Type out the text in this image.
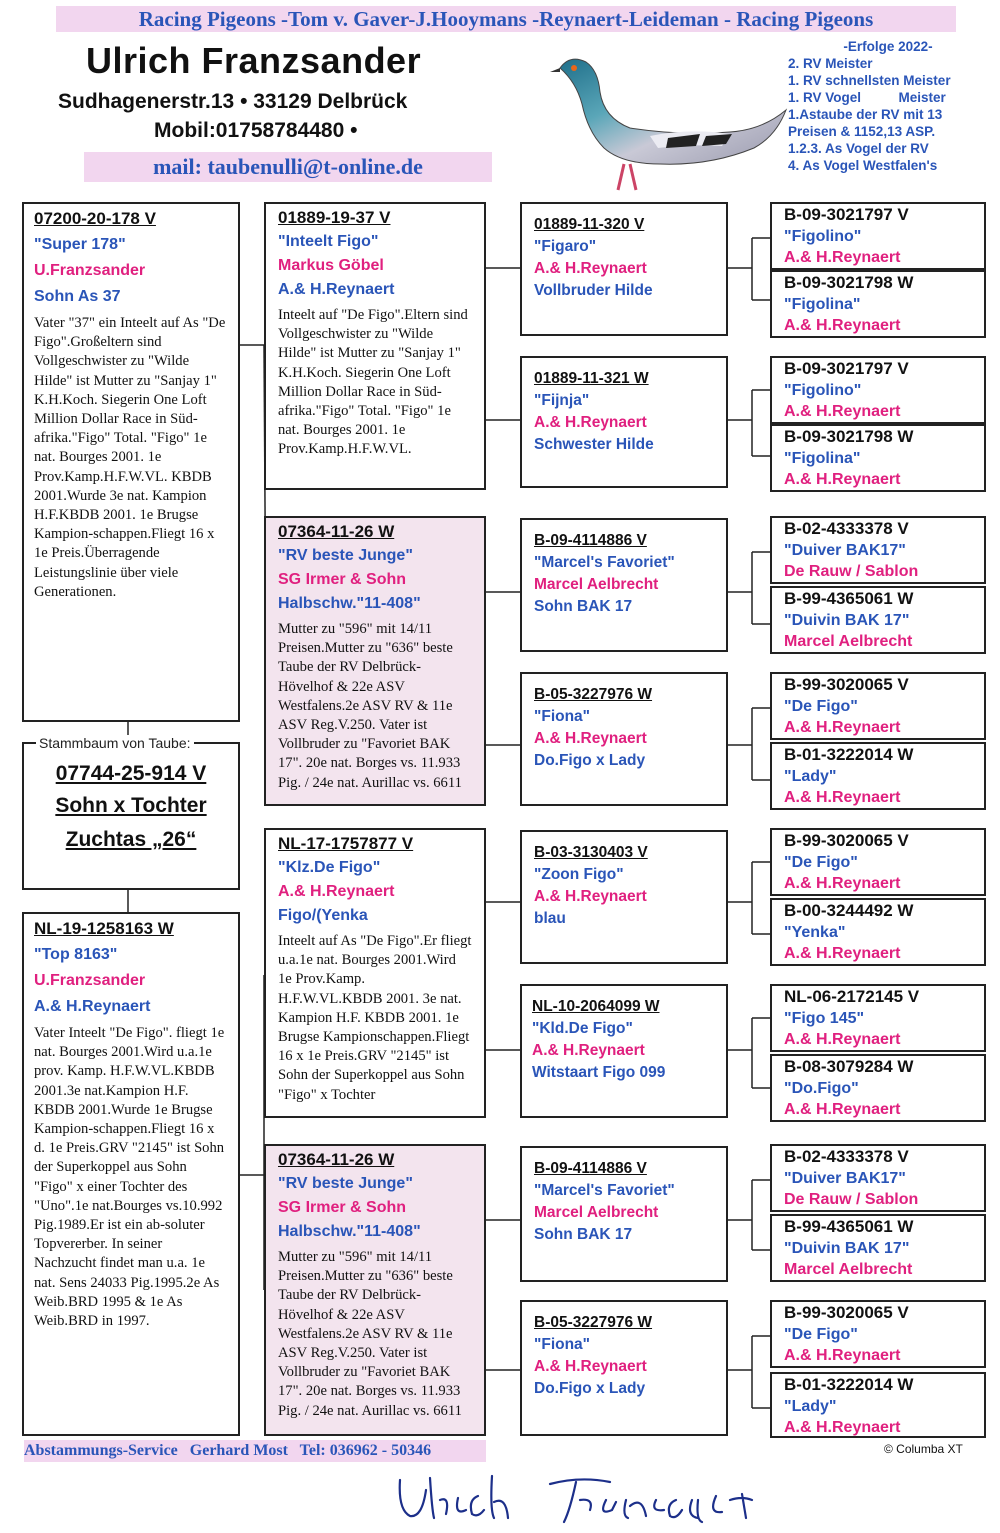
Racing Pigeons -Tom v. Gaver-J.Hooymans -Reynaert-Leideman - Racing Pigeons
Ulrich Franzsander
Sudhagenerstr.13 • 33129 Delbrück
Mobil:01758784480 •
mail: taubenulli@t-online.de
-Erfolge 2022-
2. RV Meister
1. RV schnellsten Meister
1. RV Vogel          Meister
1.Astaube der RV mit 13
Preisen & 1152,13 ASP.
1.2.3. As Vogel der RV
4. As Vogel Westfalen's
07200-20-178 V
"Super 178"
U.Franzsander
Sohn As 37
Vater "37" ein Inteelt auf As "De Figo".Großeltern sind Vollgeschwister zu "Wilde Hilde" ist Mutter zu "Sanjay 1" K.H.Koch. Siegerin One Loft Million Dollar Race in Süd-afrika."Figo" Total. "Figo" 1e nat. Bourges 2001. 1e Prov.Kamp.H.F.W.VL. KBDB 2001.Wurde 3e nat. Kampion H.F.KBDB 2001. 1e Brugse Kampion-schappen.Fliegt 16 x 1e Preis.Überragende Leistungslinie über viele Generationen.
Stammbaum von Taube:
07744-25-914 V
Sohn x Tochter
Zuchtas „26“
NL-19-1258163 W
"Top 8163"
U.Franzsander
A.& H.Reynaert
Vater Inteelt "De Figo". fliegt 1e nat. Bourges 2001.Wird u.a.1e prov. Kamp. H.F.W.VL.KBDB 2001.3e nat.Kampion H.F. KBDB 2001.Wurde 1e Brugse Kampion-schappen.Fliegt 16 x d. 1e Preis.GRV "2145" ist Sohn der Superkoppel aus Sohn "Figo" x einer Tochter des "Uno".1e nat.Bourges vs.10.992 Pig.1989.Er ist ein ab-soluter Topvererber. In seiner Nachzucht findet man u.a. 1e nat. Sens 24033 Pig.1995.2e As Weib.BRD 1995 & 1e As Weib.BRD in 1997.
01889-19-37 V
"Inteelt Figo"
Markus Göbel
A.& H.Reynaert
Inteelt auf "De Figo".Eltern sind Vollgeschwister zu "Wilde Hilde" ist Mutter zu "Sanjay 1" K.H.Koch. Siegerin One Loft Million Dollar Race in Süd-afrika."Figo" Total. "Figo" 1e nat. Bourges 2001. 1e Prov.Kamp.H.F.W.VL.
07364-11-26 W
"RV beste Junge"
SG Irmer & Sohn
Halbschw."11-408"
Mutter zu "596" mit 14/11 Preisen.Mutter zu "636" beste Taube der RV Delbrück-Hövelhof & 22e ASV Westfalens.2e ASV RV & 11e ASV Reg.V.250. Vater ist Vollbruder zu "Favoriet BAK 17". 20e nat. Borges vs. 11.933 Pig. / 24e nat. Aurillac vs. 6611
NL-17-1757877 V
"Klz.De Figo"
A.& H.Reynaert
Figo/(Yenka
Inteelt auf As "De Figo".Er fliegt u.a.1e nat. Bourges 2001.Wird 1e Prov.Kamp. H.F.W.VL.KBDB 2001. 3e nat. Kampion H.F. KBDB 2001. 1e Brugse Kampionschappen.Fliegt 16 x 1e Preis.GRV "2145" ist Sohn der Superkoppel aus Sohn "Figo" x Tochter
07364-11-26 W
"RV beste Junge"
SG Irmer & Sohn
Halbschw."11-408"
Mutter zu "596" mit 14/11 Preisen.Mutter zu "636" beste Taube der RV Delbrück-Hövelhof & 22e ASV Westfalens.2e ASV RV & 11e ASV Reg.V.250. Vater ist Vollbruder zu "Favoriet BAK 17". 20e nat. Borges vs. 11.933 Pig. / 24e nat. Aurillac vs. 6611
01889-11-320 V
"Figaro"
A.& H.Reynaert
Vollbruder Hilde
01889-11-321 W
"Fijnja"
A.& H.Reynaert
Schwester Hilde
B-09-4114886 V
"Marcel's Favoriet"
Marcel Aelbrecht
Sohn BAK 17
B-05-3227976 W
"Fiona"
A.& H.Reynaert
Do.Figo x Lady
B-03-3130403 V
"Zoon Figo"
A.& H.Reynaert
blau
NL-10-2064099 W
"Kld.De Figo"
A.& H.Reynaert
Witstaart Figo 099
B-09-4114886 V
"Marcel's Favoriet"
Marcel Aelbrecht
Sohn BAK 17
B-05-3227976 W
"Fiona"
A.& H.Reynaert
Do.Figo x Lady
B-09-3021797 V
"Figolino"
A.& H.Reynaert
B-09-3021798 W
"Figolina"
A.& H.Reynaert
B-09-3021797 V
"Figolino"
A.& H.Reynaert
B-09-3021798 W
"Figolina"
A.& H.Reynaert
B-02-4333378 V
"Duiver BAK17"
De Rauw / Sablon
B-99-4365061 W
"Duivin BAK 17"
Marcel Aelbrecht
B-99-3020065 V
"De Figo"
A.& H.Reynaert
B-01-3222014 W
"Lady"
A.& H.Reynaert
B-99-3020065 V
"De Figo"
A.& H.Reynaert
B-00-3244492 W
"Yenka"
A.& H.Reynaert
NL-06-2172145 V
"Figo 145"
A.& H.Reynaert
B-08-3079284 W
"Do.Figo"
A.& H.Reynaert
B-02-4333378 V
"Duiver BAK17"
De Rauw / Sablon
B-99-4365061 W
"Duivin BAK 17"
Marcel Aelbrecht
B-99-3020065 V
"De Figo"
A.& H.Reynaert
B-01-3222014 W
"Lady"
A.& H.Reynaert
Abstammungs-Service   Gerhard Most   Tel: 036962 - 50346	© Columba XT
